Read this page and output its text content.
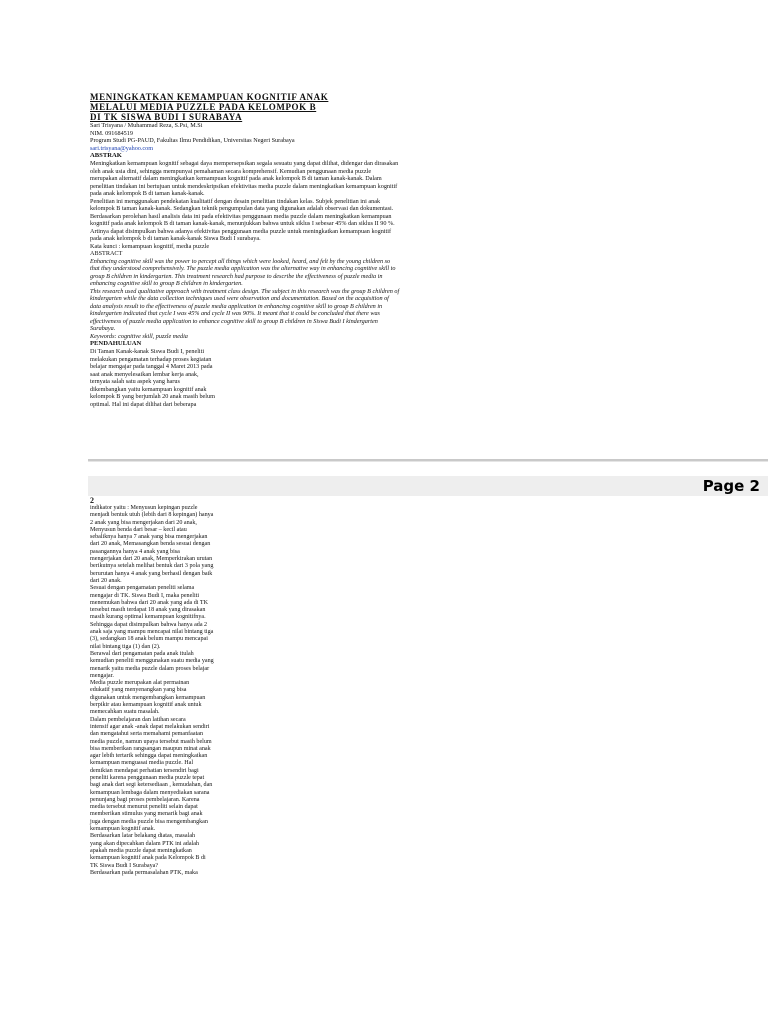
MENINGKATKAN KEMAMPUAN KOGNITIF ANAK
MELALUI MEDIA PUZZLE PADA KELOMPOK B
DI TK SISWA BUDI I SURABAYA
Sari Trisyana / Muhammad Reza, S.Psi, M.Si
NIM. 091684519
Program Studi PG-PAUD, Fakultas Ilmu Pendidikan, Universitas Negeri Surabaya
sari.trisyana@yahoo.com
ABSTRAK

Meningkatkan kemampuan kognitif sebagai daya mempersepsikan segala sesuatu yang dapat dilihat, didengar dan dirasakan oleh anak usia dini, sehingga mempunyai pemahaman secara komprehensif. Kemudian penggunaan media puzzle merupakan alternatif dalam meningkatkan kemampuan kognitif pada anak kelompok B di taman kanak-kanak. Dalam penelitian tindakan ini bertujuan untuk mendeskripsikan efektivitas media puzzle dalam meningkatkan kemampuan kognitif pada anak kelompok B di taman kanak-kanak.

Penelitian ini menggunakan pendekatan kualitatif dengan desain penelitian tindakan kelas. Subjek penelitian ini anak kelompok B taman kanak-kanak. Sedangkan teknik pengumpulan data yang digunakan adalah observasi dan dokumentasi. Berdasarkan perolehan hasil analisis data ini pada efektivitas penggunaan media puzzle dalam meningkatkan kemampuan kognitif pada anak kelompok B di taman kanak-kanak, menunjukkan bahwa untuk siklus I sebesar 45% dan siklus II 90 %. Artinya dapat disimpulkan bahwa adanya efektivitas penggunaan media puzzle untuk meningkatkan kemampuan kognitif pada anak kelompok b di taman kanak-kanak Siswa Budi I surabaya.

Kata kunci : kemampuan kognitif, media puzzle
ABSTRACT

Enhancing cognitive skill was the power to percept all things which were looked, heard, and felt by the young children so that they understood comprehensively. The puzzle media application was the alternative way in enhancing cognitive skill to group B children in kindergarten. This treatment research had purpose to describe the effectiveness of puzzle media in enhancing cognitive skill to group B children in kindergarten.

This research used qualitative approach with treatment class design. The subject in this research was the group B children of kindergarten while the data collection techniques used were observation and documentation. Based on the acquisition of data analysis result to the effectiveness of puzzle media application in enhancing cognitive skill to group B children in kindergarten indicated that cycle I was 45% and cycle II was 90%. It meant that it could be concluded that there was effectiveness of puzzle media application to enhance cognitive skill to group B children in Siswa Budi I kindergarten Surabaya.

Keywords: cognitive skill, puzzle media
PENDAHULUAN
Di Taman Kanak-kanak Siswa Budi I, peneliti
melakukan pengamatan terhadap proses kegiatan
belajar mengajar pada tanggal 4 Maret 2013 pada
saat anak menyelesaikan lembar kerja anak,
ternyata salah satu aspek yang harus
dikembangkan yaitu kemampuan kognitif anak
kelompok B yang berjumlah 20 anak masih belum
optimal. Hal ini dapat dilihat dari beberapa
Page 2
2
indikator yaitu : Menyusun kepingan puzzle
menjadi bentuk utuh (lebih dari 8 kepingan) hanya
2 anak yang bisa mengerjakan dari 20 anak,
Menyusun benda dari besar – kecil atau
sebaliknya hanya 7 anak yang bisa mengerjakan
dari 20 anak, Memasangkan benda sesuai dengan
pasangannya hanya 4 anak yang bisa
mengerjakan dari 20 anak, Memperkirakan urutan
berikutnya setelah melihat bentuk dari 3 pola yang
berurutan hanya 4 anak yang berhasil dengan baik
dari 20 anak.
Sesuai dengan pengamatan peneliti selama
mengajar di TK. Siswa Budi I, maka peneliti
menemukan bahwa dari 20 anak yang ada di TK
tersebut masih terdapat 18 anak yang dirasakan
masih kurang optimal kemampuan kognitifnya.
Sehingga dapat disimpulkan bahwa hanya ada 2
anak saja yang mampu mencapai nilai bintang tiga
(3), sedangkan 18 anak belum mampu mencapai
nilai bintang tiga (1) dan (2).
Berawal dari pengamatan pada anak itulah
kemudian peneliti menggunakan suatu media yang
menarik yaitu media puzzle dalam proses belajar
mengajar.
Media puzzle merupakan alat permainan
edukatif yang menyenangkan yang bisa
digunakan untuk mengembangkan kemampuan
berpikir atau kemampuan kognitif anak untuk
memecahkan suatu masalah.
Dalam pembelajaran dan latihan secara
intensif agar anak -anak dapat melakukan sendiri
dan mengatahui serta memahami pemanfaatan
media puzzle, namun upaya tersebut masih belum
bisa memberikan rangsangan maupun minat anak
agar lebih tertarik sehingga dapat meningkatkan
kemampuan menguasai media puzzle. Hal
demikian mendapat perhatian tersendiri bagi
peneliti karena penggunaan media puzzle tepat
bagi anak dari segi ketersediaan , kemudahan, dan
kemampuan lembaga dalam menyediakan sarana
penunjang bagi proses pembelajaran. Karena
media tersebut menurut peneliti selain dapat
memberikan stimulus yang menarik bagi anak
juga dengan media puzzle bisa mengembangkan
kemampuan kognitif anak.
Berdasarkan latar belakang diatas, masalah
yang akan dipecahkan dalam PTK ini adalah
apakah media puzzle dapat meningkatkan
kemampuan kognitif anak pada Kelompok B di
TK Siswa Budi I Surabaya?
Berdasarkan pada permasalahan PTK, maka
